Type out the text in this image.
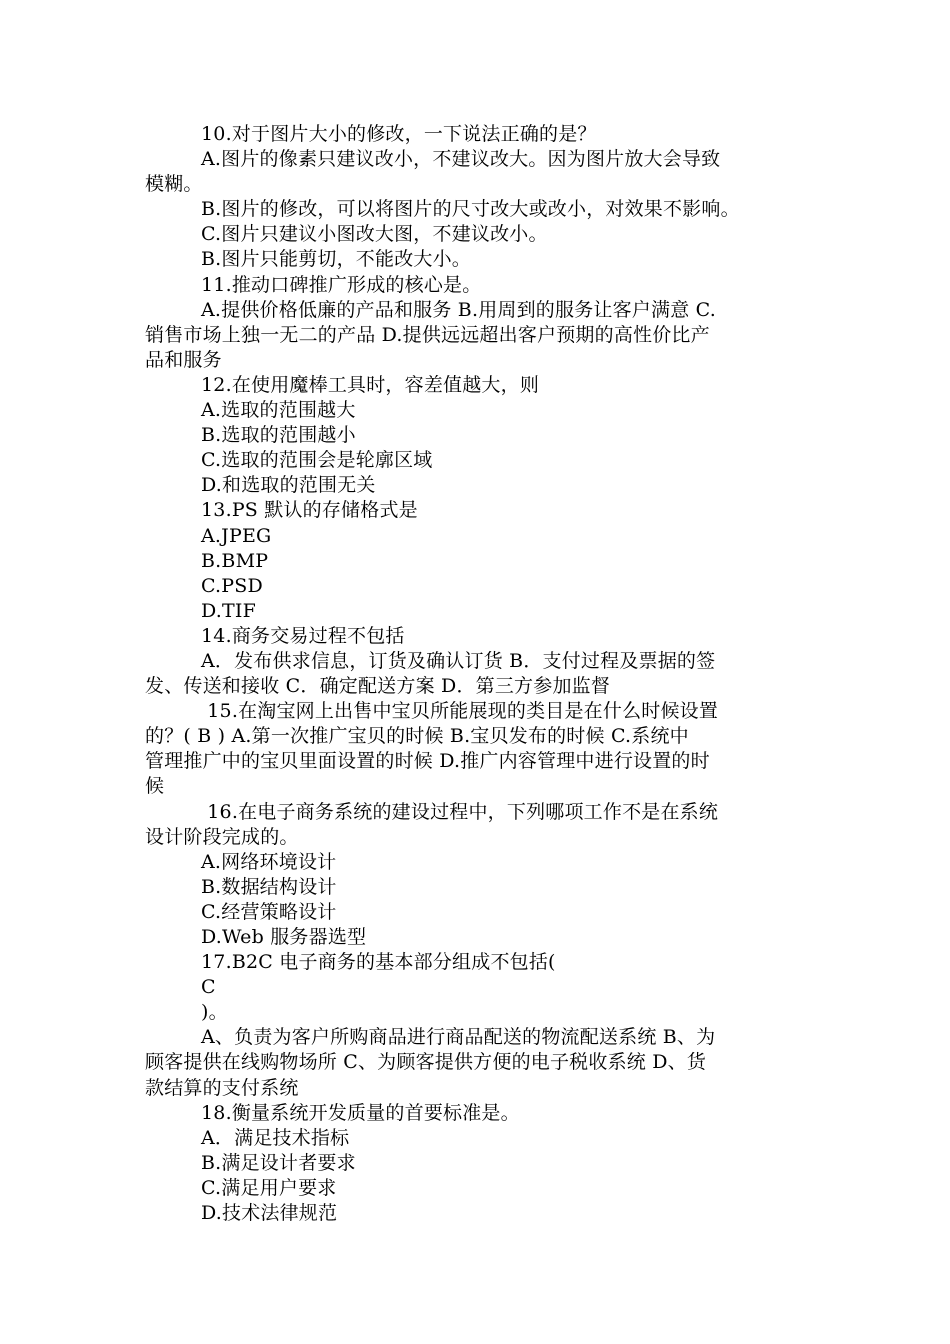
10.对于图片大小的修改，一下说法正确的是？
A.图片的像素只建议改小，不建议改大。因为图片放大会导致
模糊。
B.图片的修改，可以将图片的尺寸改大或改小，对效果不影响。
C.图片只建议小图改大图，不建议改小。
B.图片只能剪切，不能改大小。
11.推动口碑推广形成的核心是。
A.提供价格低廉的产品和服务 B.用周到的服务让客户满意 C.
销售市场上独一无二的产品 D.提供远远超出客户预期的高性价比产
品和服务
12.在使用魔棒工具时，容差值越大，则
A.选取的范围越大
B.选取的范围越小
C.选取的范围会是轮廓区域
D.和选取的范围无关
13.PS 默认的存储格式是
A.JPEG
B.BMP
C.PSD
D.TIF
14.商务交易过程不包括
A．发布供求信息，订货及确认订货 B．支付过程及票据的签
发、传送和接收 C．确定配送方案 D．第三方参加监督
15.在淘宝网上出售中宝贝所能展现的类目是在什么时候设置
的？( B ) A.第一次推广宝贝的时候 B.宝贝发布的时候 C.系统中
管理推广中的宝贝里面设置的时候 D.推广内容管理中进行设置的时
候
16.在电子商务系统的建设过程中，下列哪项工作不是在系统
设计阶段完成的。
A.网络环境设计
B.数据结构设计
C.经营策略设计
D.Web 服务器选型
17.B2C 电子商务的基本部分组成不包括(
C
)。
A、负责为客户所购商品进行商品配送的物流配送系统 B、为
顾客提供在线购物场所 C、为顾客提供方便的电子税收系统 D、货
款结算的支付系统
18.衡量系统开发质量的首要标准是。
A．满足技术指标
B.满足设计者要求
C.满足用户要求
D.技术法律规范
